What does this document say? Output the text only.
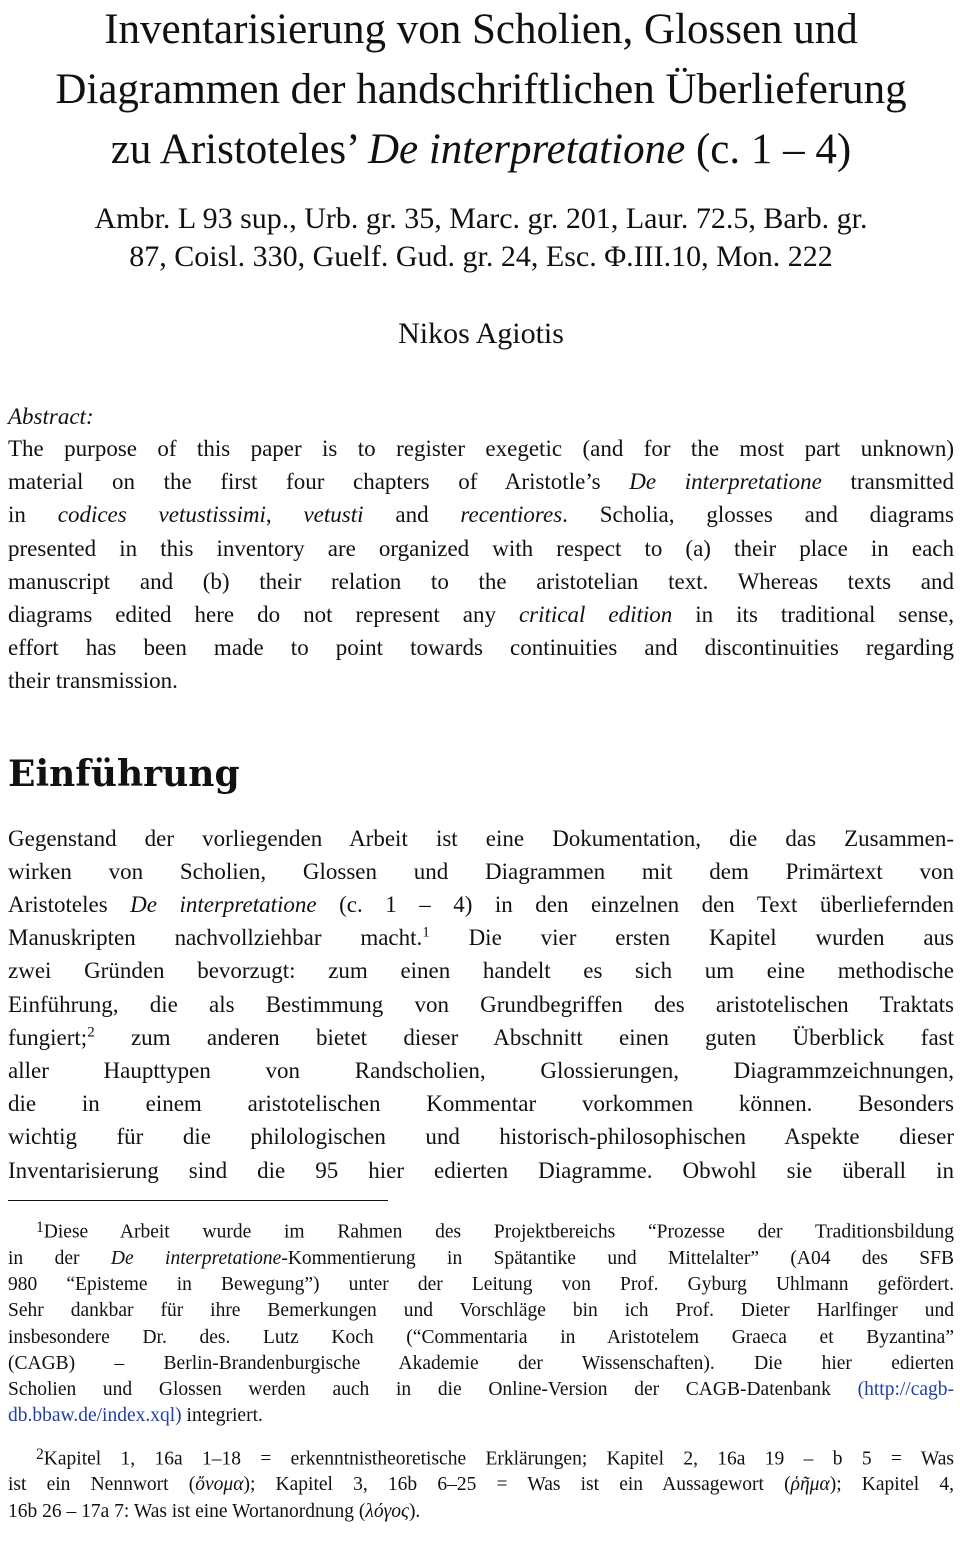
Inventarisierung von Scholien, Glossen und
Diagrammen der handschriftlichen Überlieferung
zu Aristoteles’ De interpretatione (c. 1 – 4)
Ambr. L 93 sup., Urb. gr. 35, Marc. gr. 201, Laur. 72.5, Barb. gr.
87, Coisl. 330, Guelf. Gud. gr. 24, Esc. Φ.III.10, Mon. 222
Nikos Agiotis
Abstract:
The purpose of this paper is to register exegetic (and for the most part unknown)
material on the first four chapters of Aristotle’s De interpretatione transmitted
in codices vetustissimi, vetusti and recentiores. Scholia, glosses and diagrams
presented in this inventory are organized with respect to (a) their place in each
manuscript and (b) their relation to the aristotelian text. Whereas texts and
diagrams edited here do not represent any critical edition in its traditional sense,
effort has been made to point towards continuities and discontinuities regarding
their transmission.
Einführung
Gegenstand der vorliegenden Arbeit ist eine Dokumentation, die das Zusammen-
wirken von Scholien, Glossen und Diagrammen mit dem Primärtext von
Aristoteles De interpretatione (c. 1 – 4) in den einzelnen den Text überliefernden
Manuskripten nachvollziehbar macht.$^1$ Die vier ersten Kapitel wurden aus
zwei Gründen bevorzugt: zum einen handelt es sich um eine methodische
Einführung, die als Bestimmung von Grundbegriffen des aristotelischen Traktats
fungiert;$^2$ zum anderen bietet dieser Abschnitt einen guten Überblick fast
aller Haupttypen von Randscholien, Glossierungen, Diagrammzeichnungen,
die in einem aristotelischen Kommentar vorkommen können. Besonders
wichtig für die philologischen und historisch-philosophischen Aspekte dieser
Inventarisierung sind die 95 hier edierten Diagramme. Obwohl sie überall in
$^1$Diese Arbeit wurde im Rahmen des Projektbereichs “Prozesse der Traditionsbildung
in der De interpretatione-Kommentierung in Spätantike und Mittelalter” (A04 des SFB
980 “Episteme in Bewegung”) unter der Leitung von Prof. Gyburg Uhlmann gefördert.
Sehr dankbar für ihre Bemerkungen und Vorschläge bin ich Prof. Dieter Harlfinger und
insbesondere Dr. des. Lutz Koch (“Commentaria in Aristotelem Graeca et Byzantina”
(CAGB) – Berlin-Brandenburgische Akademie der Wissenschaften). Die hier edierten
Scholien und Glossen werden auch in die Online-Version der CAGB-Datenbank (http://cagb-
db.bbaw.de/index.xql) integriert.
$^2$Kapitel 1, 16a 1–18 = erkenntnistheoretische Erklärungen; Kapitel 2, 16a 19 – b 5 = Was
ist ein Nennwort (ὄνομα); Kapitel 3, 16b 6–25 = Was ist ein Aussagewort (ῥῆμα); Kapitel 4,
16b 26 – 17a 7: Was ist eine Wortanordnung (λόγος).
